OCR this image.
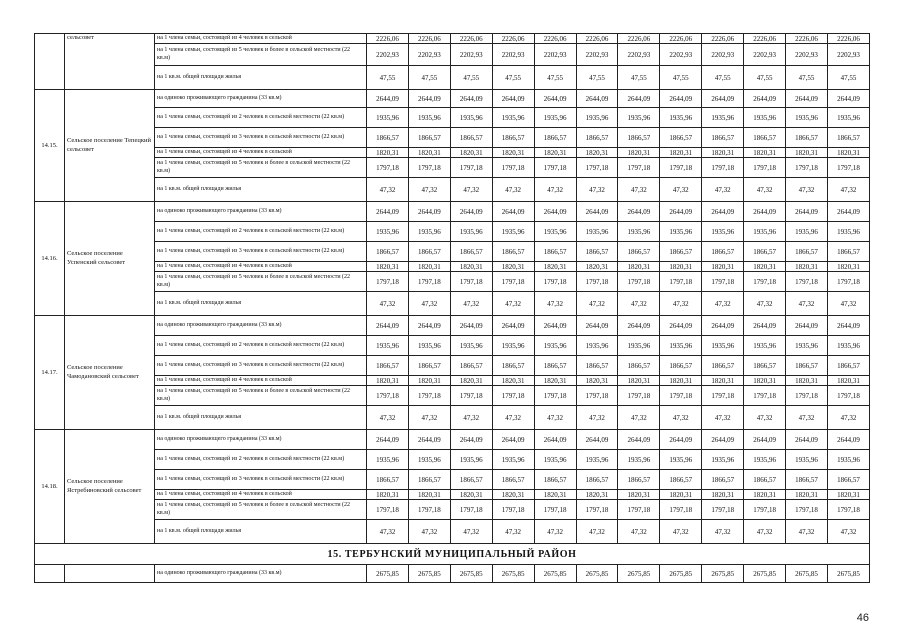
	сельсовет	на 1 члена семьи, состоящей из 4 человек в сельской	2226,06	2226,06	2226,06	2226,06	2226,06	2226,06	2226,06	2226,06	2226,06	2226,06	2226,06	2226,06
		на 1 члена семьи, состоящей из 5 человек и более в сельской местности (22 кв.м)	2202,93	2202,93	2202,93	2202,93	2202,93	2202,93	2202,93	2202,93	2202,93	2202,93	2202,93	2202,93
		на 1 кв.м. общей площади жилья	47,55	47,55	47,55	47,55	47,55	47,55	47,55	47,55	47,55	47,55	47,55	47,55
14.15.	Сельское поселение Тепецкий сельсовет	на одиноко проживающего гражданина (33 кв.м)	2644,09	2644,09	2644,09	2644,09	2644,09	2644,09	2644,09	2644,09	2644,09	2644,09	2644,09	2644,09
		на 1 члена семьи, состоящей из 2 человек в сельской местности (22 кв.м)	1935,96	1935,96	1935,96	1935,96	1935,96	1935,96	1935,96	1935,96	1935,96	1935,96	1935,96	1935,96
		на 1 члена семьи, состоящей из 3 человек в сельской местности (22 кв.м)	1866,57	1866,57	1866,57	1866,57	1866,57	1866,57	1866,57	1866,57	1866,57	1866,57	1866,57	1866,57
		на 1 члена семьи, состоящей из 4 человек в сельской	1820,31	1820,31	1820,31	1820,31	1820,31	1820,31	1820,31	1820,31	1820,31	1820,31	1820,31	1820,31
		на 1 члена семьи, состоящей из 5 человек и более в сельской местности (22 кв.м)	1797,18	1797,18	1797,18	1797,18	1797,18	1797,18	1797,18	1797,18	1797,18	1797,18	1797,18	1797,18
		на 1 кв.м. общей площади жилья	47,32	47,32	47,32	47,32	47,32	47,32	47,32	47,32	47,32	47,32	47,32	47,32
14.16.	Сельское поселение Успенский сельсовет	на одиноко проживающего гражданина (33 кв.м)	2644,09	2644,09	2644,09	2644,09	2644,09	2644,09	2644,09	2644,09	2644,09	2644,09	2644,09	2644,09
		на 1 члена семьи, состоящей из 2 человек в сельской местности (22 кв.м)	1935,96	1935,96	1935,96	1935,96	1935,96	1935,96	1935,96	1935,96	1935,96	1935,96	1935,96	1935,96
		на 1 члена семьи, состоящей из 3 человек в сельской местности (22 кв.м)	1866,57	1866,57	1866,57	1866,57	1866,57	1866,57	1866,57	1866,57	1866,57	1866,57	1866,57	1866,57
		на 1 члена семьи, состоящей из 4 человек в сельской	1820,31	1820,31	1820,31	1820,31	1820,31	1820,31	1820,31	1820,31	1820,31	1820,31	1820,31	1820,31
		на 1 члена семьи, состоящей из 5 человек и более в сельской местности (22 кв.м)	1797,18	1797,18	1797,18	1797,18	1797,18	1797,18	1797,18	1797,18	1797,18	1797,18	1797,18	1797,18
		на 1 кв.м. общей площади жилья	47,32	47,32	47,32	47,32	47,32	47,32	47,32	47,32	47,32	47,32	47,32	47,32
14.17.	Сельское поселение Чамодановский сельсовет	на одиноко проживающего гражданина (33 кв.м)	2644,09	2644,09	2644,09	2644,09	2644,09	2644,09	2644,09	2644,09	2644,09	2644,09	2644,09	2644,09
		на 1 члена семьи, состоящей из 2 человек в сельской местности (22 кв.м)	1935,96	1935,96	1935,96	1935,96	1935,96	1935,96	1935,96	1935,96	1935,96	1935,96	1935,96	1935,96
		на 1 члена семьи, состоящей из 3 человек в сельской местности (22 кв.м)	1866,57	1866,57	1866,57	1866,57	1866,57	1866,57	1866,57	1866,57	1866,57	1866,57	1866,57	1866,57
		на 1 члена семьи, состоящей из 4 человек в сельской	1820,31	1820,31	1820,31	1820,31	1820,31	1820,31	1820,31	1820,31	1820,31	1820,31	1820,31	1820,31
		на 1 члена семьи, состоящей из 5 человек и более в сельской местности (22 кв.м)	1797,18	1797,18	1797,18	1797,18	1797,18	1797,18	1797,18	1797,18	1797,18	1797,18	1797,18	1797,18
		на 1 кв.м. общей площади жилья	47,32	47,32	47,32	47,32	47,32	47,32	47,32	47,32	47,32	47,32	47,32	47,32
14.18.	Сельское поселение Ястребиновский сельсовет	на одиноко проживающего гражданина (33 кв.м)	2644,09	2644,09	2644,09	2644,09	2644,09	2644,09	2644,09	2644,09	2644,09	2644,09	2644,09	2644,09
		на 1 члена семьи, состоящей из 2 человек в сельской местности (22 кв.м)	1935,96	1935,96	1935,96	1935,96	1935,96	1935,96	1935,96	1935,96	1935,96	1935,96	1935,96	1935,96
		на 1 члена семьи, состоящей из 3 человек в сельской местности (22 кв.м)	1866,57	1866,57	1866,57	1866,57	1866,57	1866,57	1866,57	1866,57	1866,57	1866,57	1866,57	1866,57
		на 1 члена семьи, состоящей из 4 человек в сельской	1820,31	1820,31	1820,31	1820,31	1820,31	1820,31	1820,31	1820,31	1820,31	1820,31	1820,31	1820,31
		на 1 члена семьи, состоящей из 5 человек и более в сельской местности (22 кв.м)	1797,18	1797,18	1797,18	1797,18	1797,18	1797,18	1797,18	1797,18	1797,18	1797,18	1797,18	1797,18
		на 1 кв.м. общей площади жилья	47,32	47,32	47,32	47,32	47,32	47,32	47,32	47,32	47,32	47,32	47,32	47,32
15. ТЕРБУНСКИЙ МУНИЦИПАЛЬНЫЙ РАЙОН														
		на одиноко проживающего гражданина (33 кв.м)	2675,85	2675,85	2675,85	2675,85	2675,85	2675,85	2675,85	2675,85	2675,85	2675,85	2675,85	2675,85
46
